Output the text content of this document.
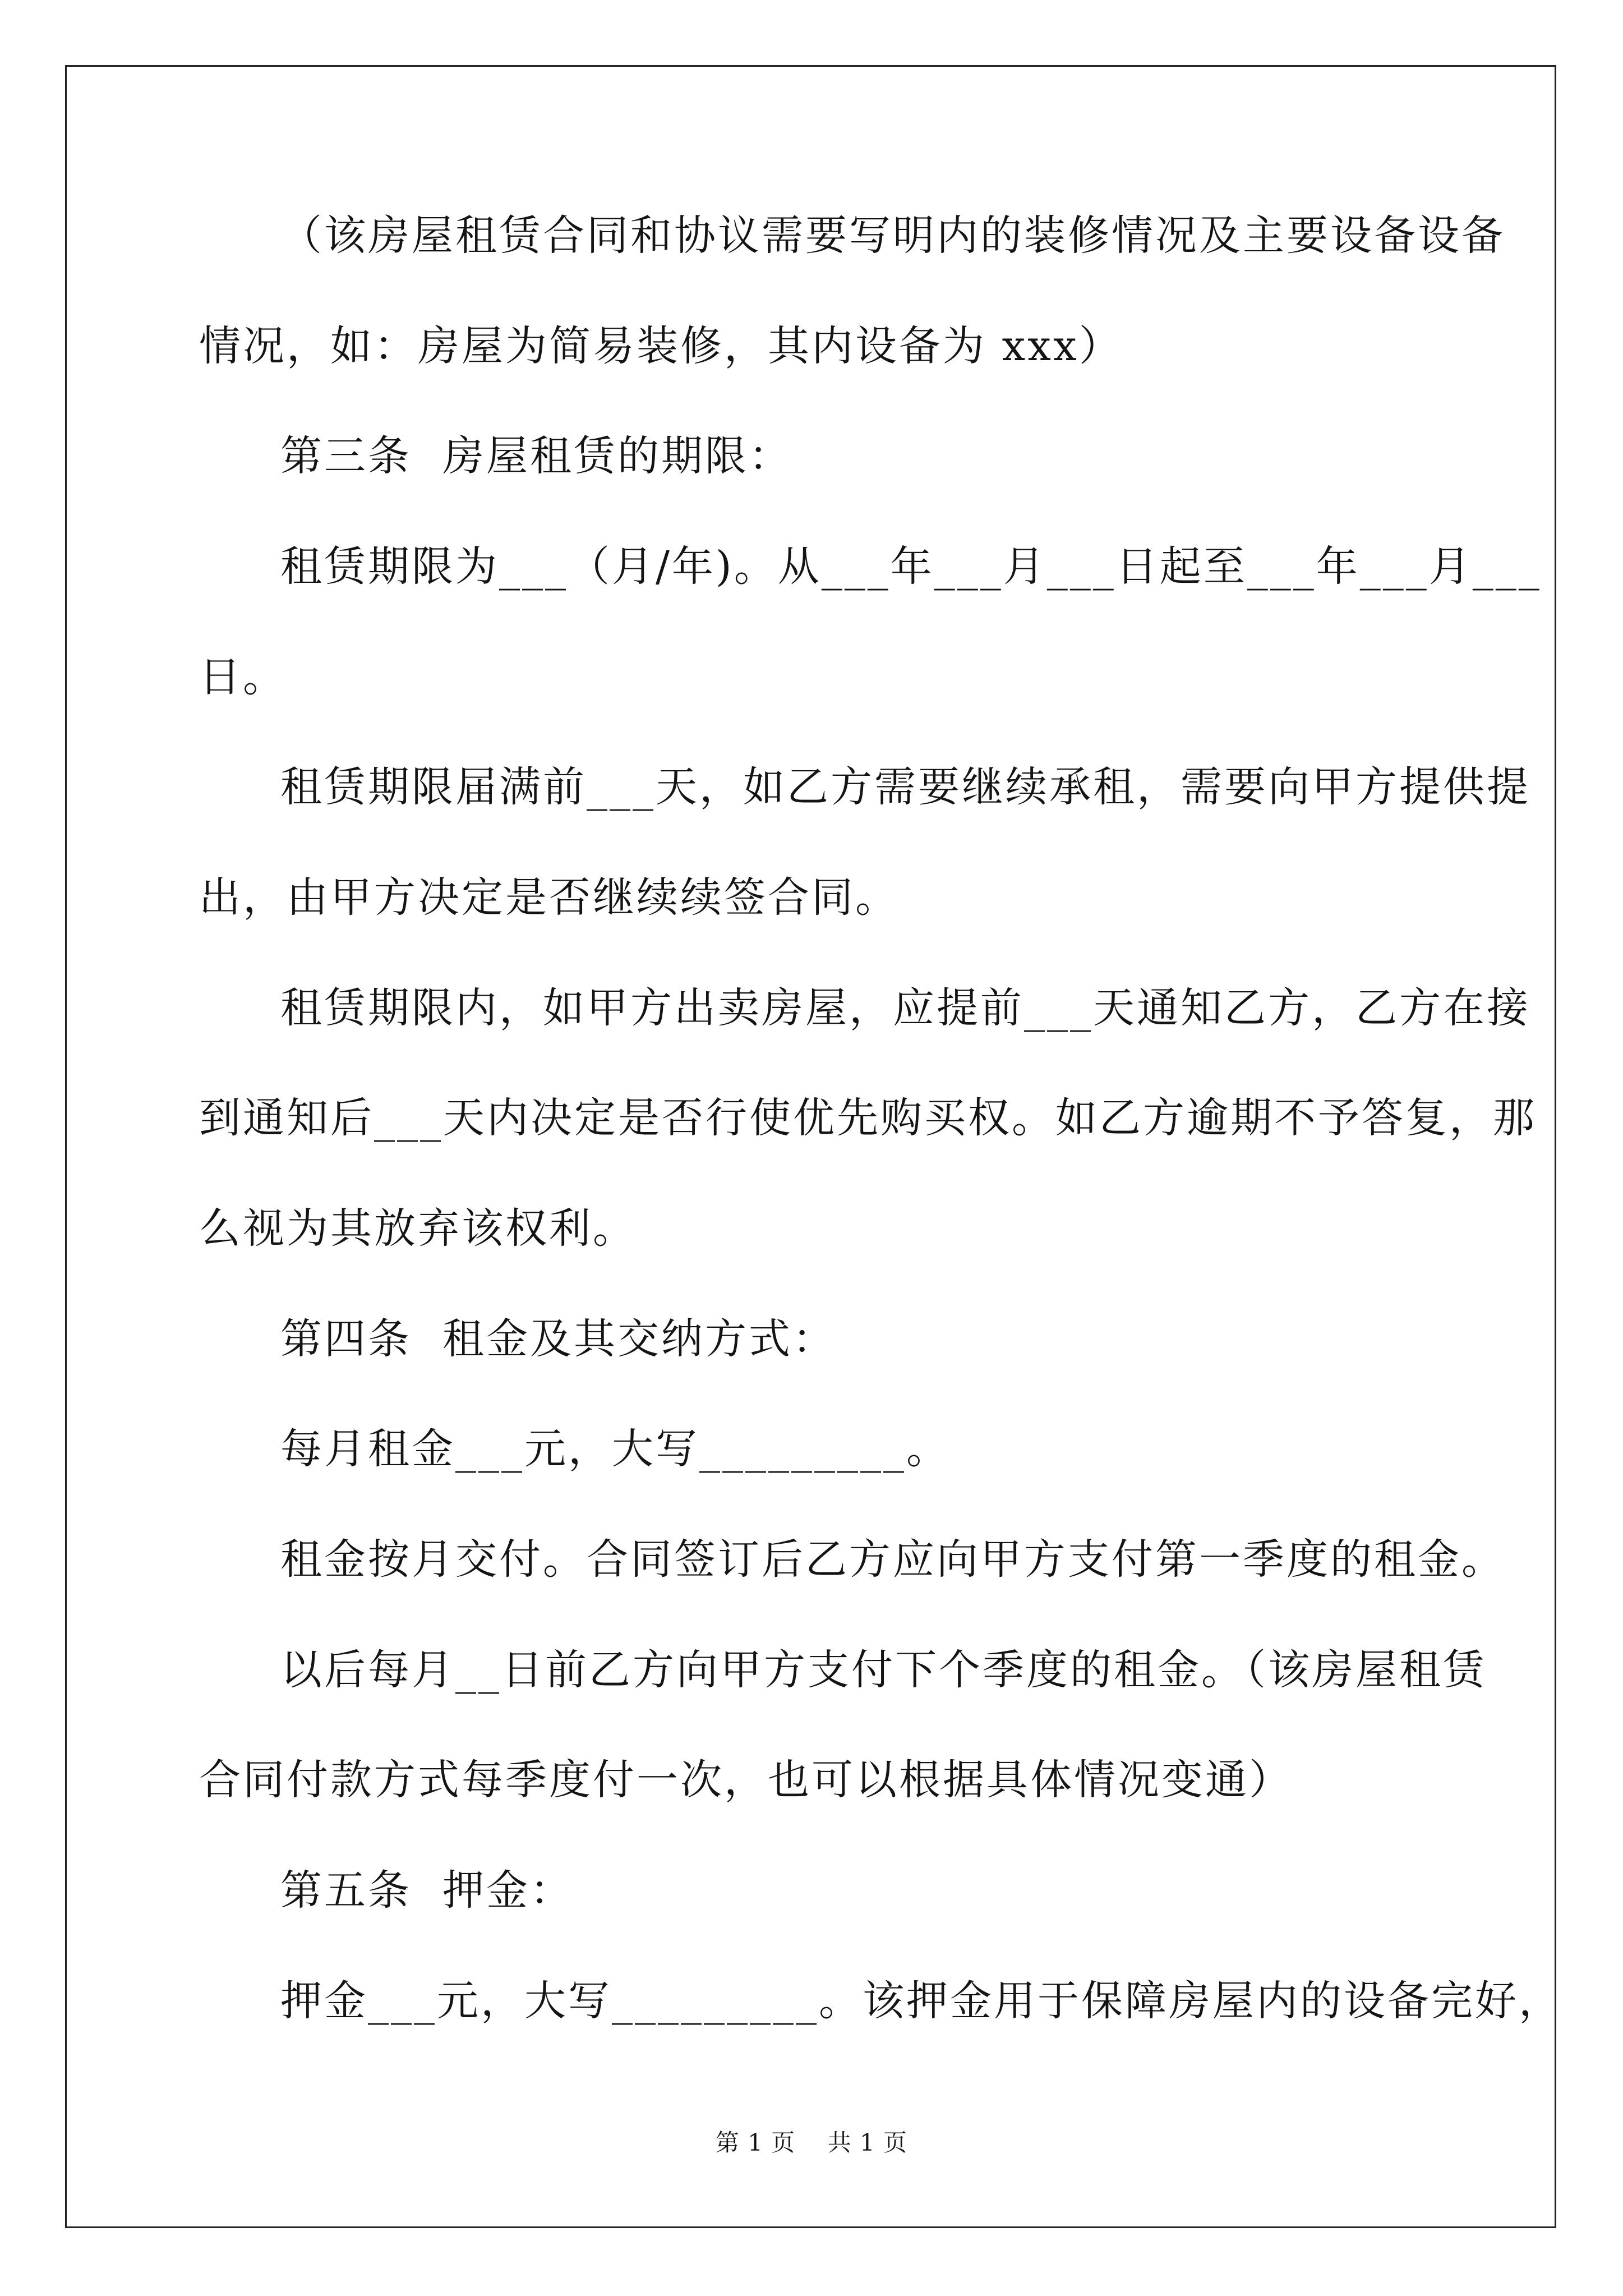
（该房屋租赁合同和协议需要写明内的装修情况及主要设备设备
情况，如：房屋为简易装修，其内设备为 xxx）
第三条  房屋租赁的期限：
租赁期限为___（月/年)。从___年___月___日起至___年___月___
日。
租赁期限届满前___天，如乙方需要继续承租，需要向甲方提供提
出，由甲方决定是否继续续签合同。
租赁期限内，如甲方出卖房屋，应提前___天通知乙方，乙方在接
到通知后___天内决定是否行使优先购买权。如乙方逾期不予答复，那
么视为其放弃该权利。
第四条  租金及其交纳方式：
每月租金___元，大写_________。
租金按月交付。合同签订后乙方应向甲方支付第一季度的租金。
以后每月__日前乙方向甲方支付下个季度的租金。（该房屋租赁
合同付款方式每季度付一次，也可以根据具体情况变通）
第五条  押金：
押金___元，大写_________。该押金用于保障房屋内的设备完好，
第 1 页    共 1 页
